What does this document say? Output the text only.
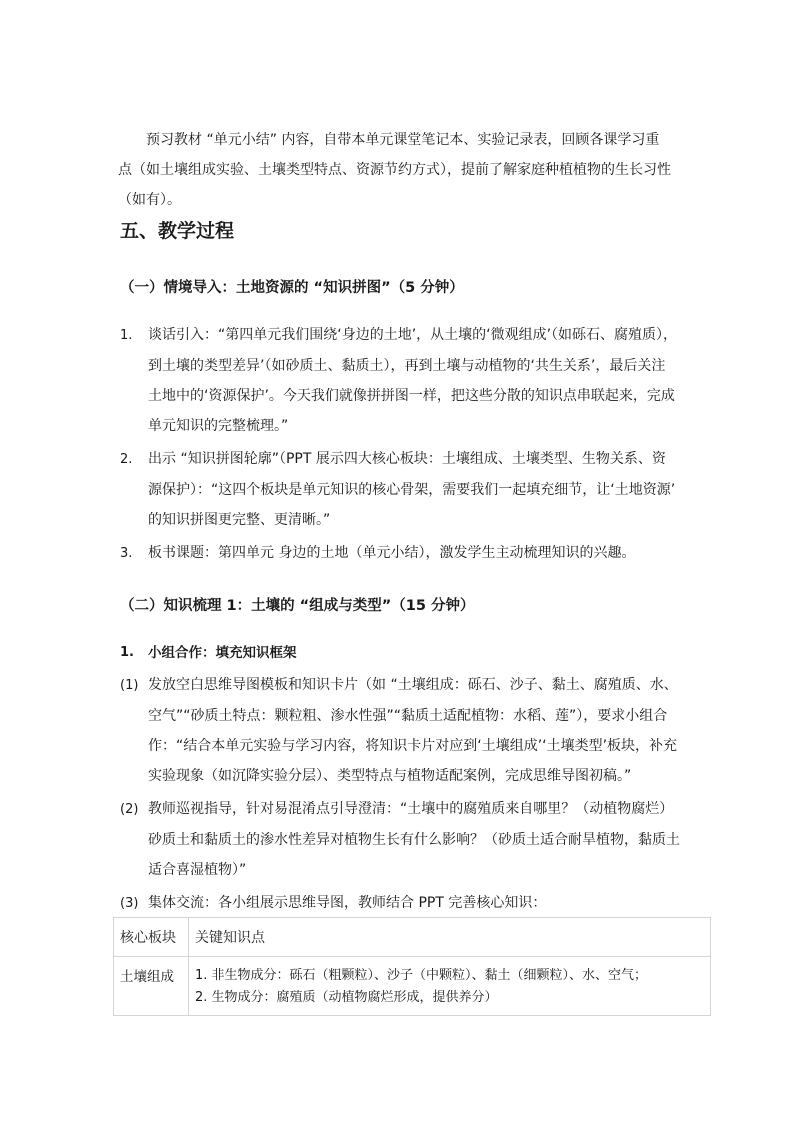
预习教材 “单元小结” 内容，自带本单元课堂笔记本、实验记录表，回顾各课学习重
点（如土壤组成实验、土壤类型特点、资源节约方式），提前了解家庭种植植物的生长习性
（如有）。
五、教学过程
（一）情境导入：土地资源的 “知识拼图”（5 分钟）
1. 谈话引入：“第四单元我们围绕‘身边的土地’，从土壤的‘微观组成’（如砾石、腐殖质），
到土壤的类型差异’（如砂质土、黏质土），再到土壤与动植物的‘共生关系’，最后关注
土地中的‘资源保护’。今天我们就像拼拼图一样，把这些分散的知识点串联起来，完成
单元知识的完整梳理。”
2. 出示 “知识拼图轮廓”（PPT 展示四大核心板块：土壤组成、土壤类型、生物关系、资
源保护）：“这四个板块是单元知识的核心骨架，需要我们一起填充细节，让‘土地资源’
的知识拼图更完整、更清晰。”
3. 板书课题：第四单元 身边的土地（单元小结），激发学生主动梳理知识的兴趣。
（二）知识梳理 1：土壤的 “组成与类型”（15 分钟）
1. 小组合作：填充知识框架
(1) 发放空白思维导图模板和知识卡片（如 “土壤组成：砾石、沙子、黏土、腐殖质、水、
空气”“砂质土特点：颗粒粗、渗水性强”“黏质土适配植物：水稻、莲”），要求小组合
作：“结合本单元实验与学习内容，将知识卡片对应到‘土壤组成’‘土壤类型’板块，补充
实验现象（如沉降实验分层）、类型特点与植物适配案例，完成思维导图初稿。”
(2) 教师巡视指导，针对易混淆点引导澄清：“土壤中的腐殖质来自哪里？（动植物腐烂）
砂质土和黏质土的渗水性差异对植物生长有什么影响？（砂质土适合耐旱植物，黏质土
适合喜湿植物）”
(3) 集体交流：各小组展示思维导图，教师结合 PPT 完善核心知识：
核心板块	关键知识点
土壤组成	1. 非生物成分：砾石（粗颗粒）、沙子（中颗粒）、黏土（细颗粒）、水、空气；
2. 生物成分：腐殖质（动植物腐烂形成，提供养分）
